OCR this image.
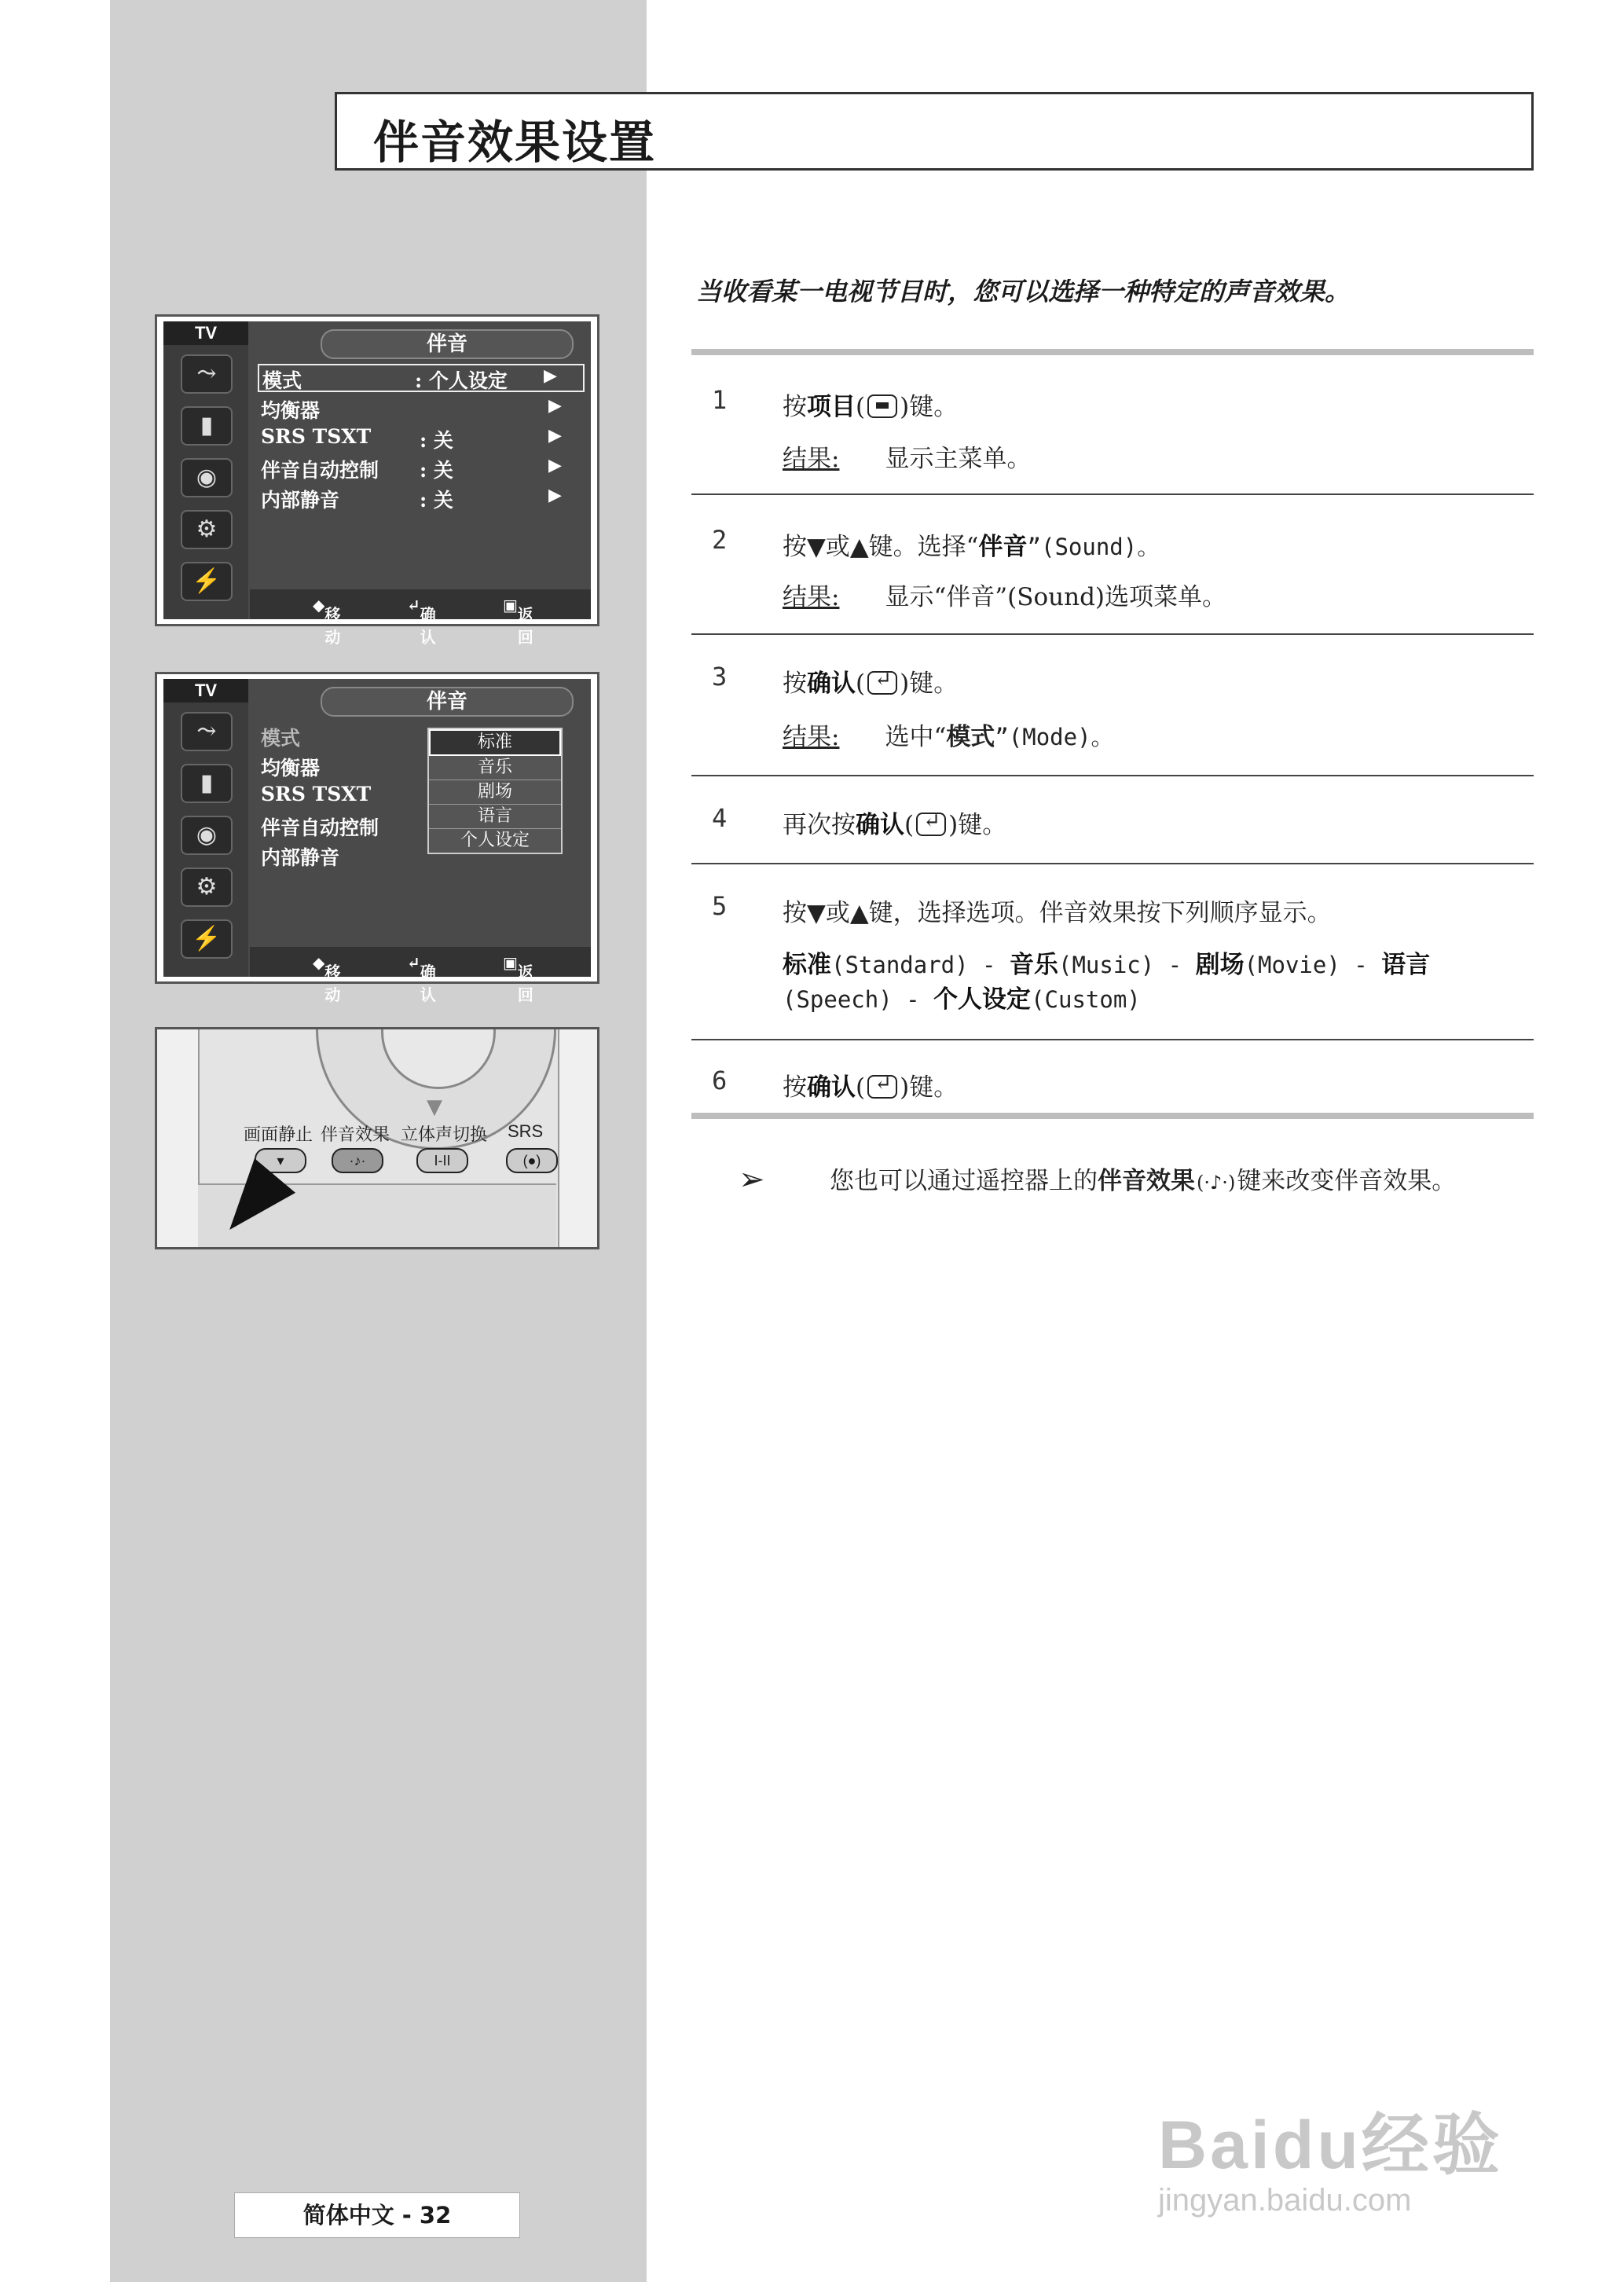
伴音效果设置
当收看某一电视节目时，您可以选择一种特定的声音效果。
1 按项目( )键。
结果: 显示主菜单。
2 按▼或▲键。选择“伴音”(Sound)。
结果: 显示“伴音”(Sound)选项菜单。
3 按确认( ↵ )键。
结果: 选中“模式”(Mode)。
4 再次按确认( ↵ )键。
5 按▼或▲键，选择选项。伴音效果按下列顺序显示。
标准(Standard) - 音乐(Music) - 剧场(Movie) - 语言
(Speech) - 个人设定(Custom)
6 按确认( ↵ )键。
➢	您也可以通过遥控器上的伴音效果(·♪·)键来改变伴音效果。
TV
⤳
▮
◉
⚙
⚡
伴音
模式	: 个人设定 ▶
均衡器	▶
SRS TSXT : 关	▶
伴音自动控制 : 关	▶
内部静音	: 关	▶
◆ 移动
↵ 确认
▣ 返回
TV
⤳
▮
◉
⚙
⚡
伴音
模式
均衡器
SRS TSXT
伴音自动控制
内部静音
标准
音乐
剧场
语言
个人设定
◆ 移动
↵ 确认
▣ 返回
▼
画面静止 伴音效果 立体声切换 SRS
▾	·♪·	I-II	(●)
简体中文 - 32
Baidu经验
jingyan.baidu.com
